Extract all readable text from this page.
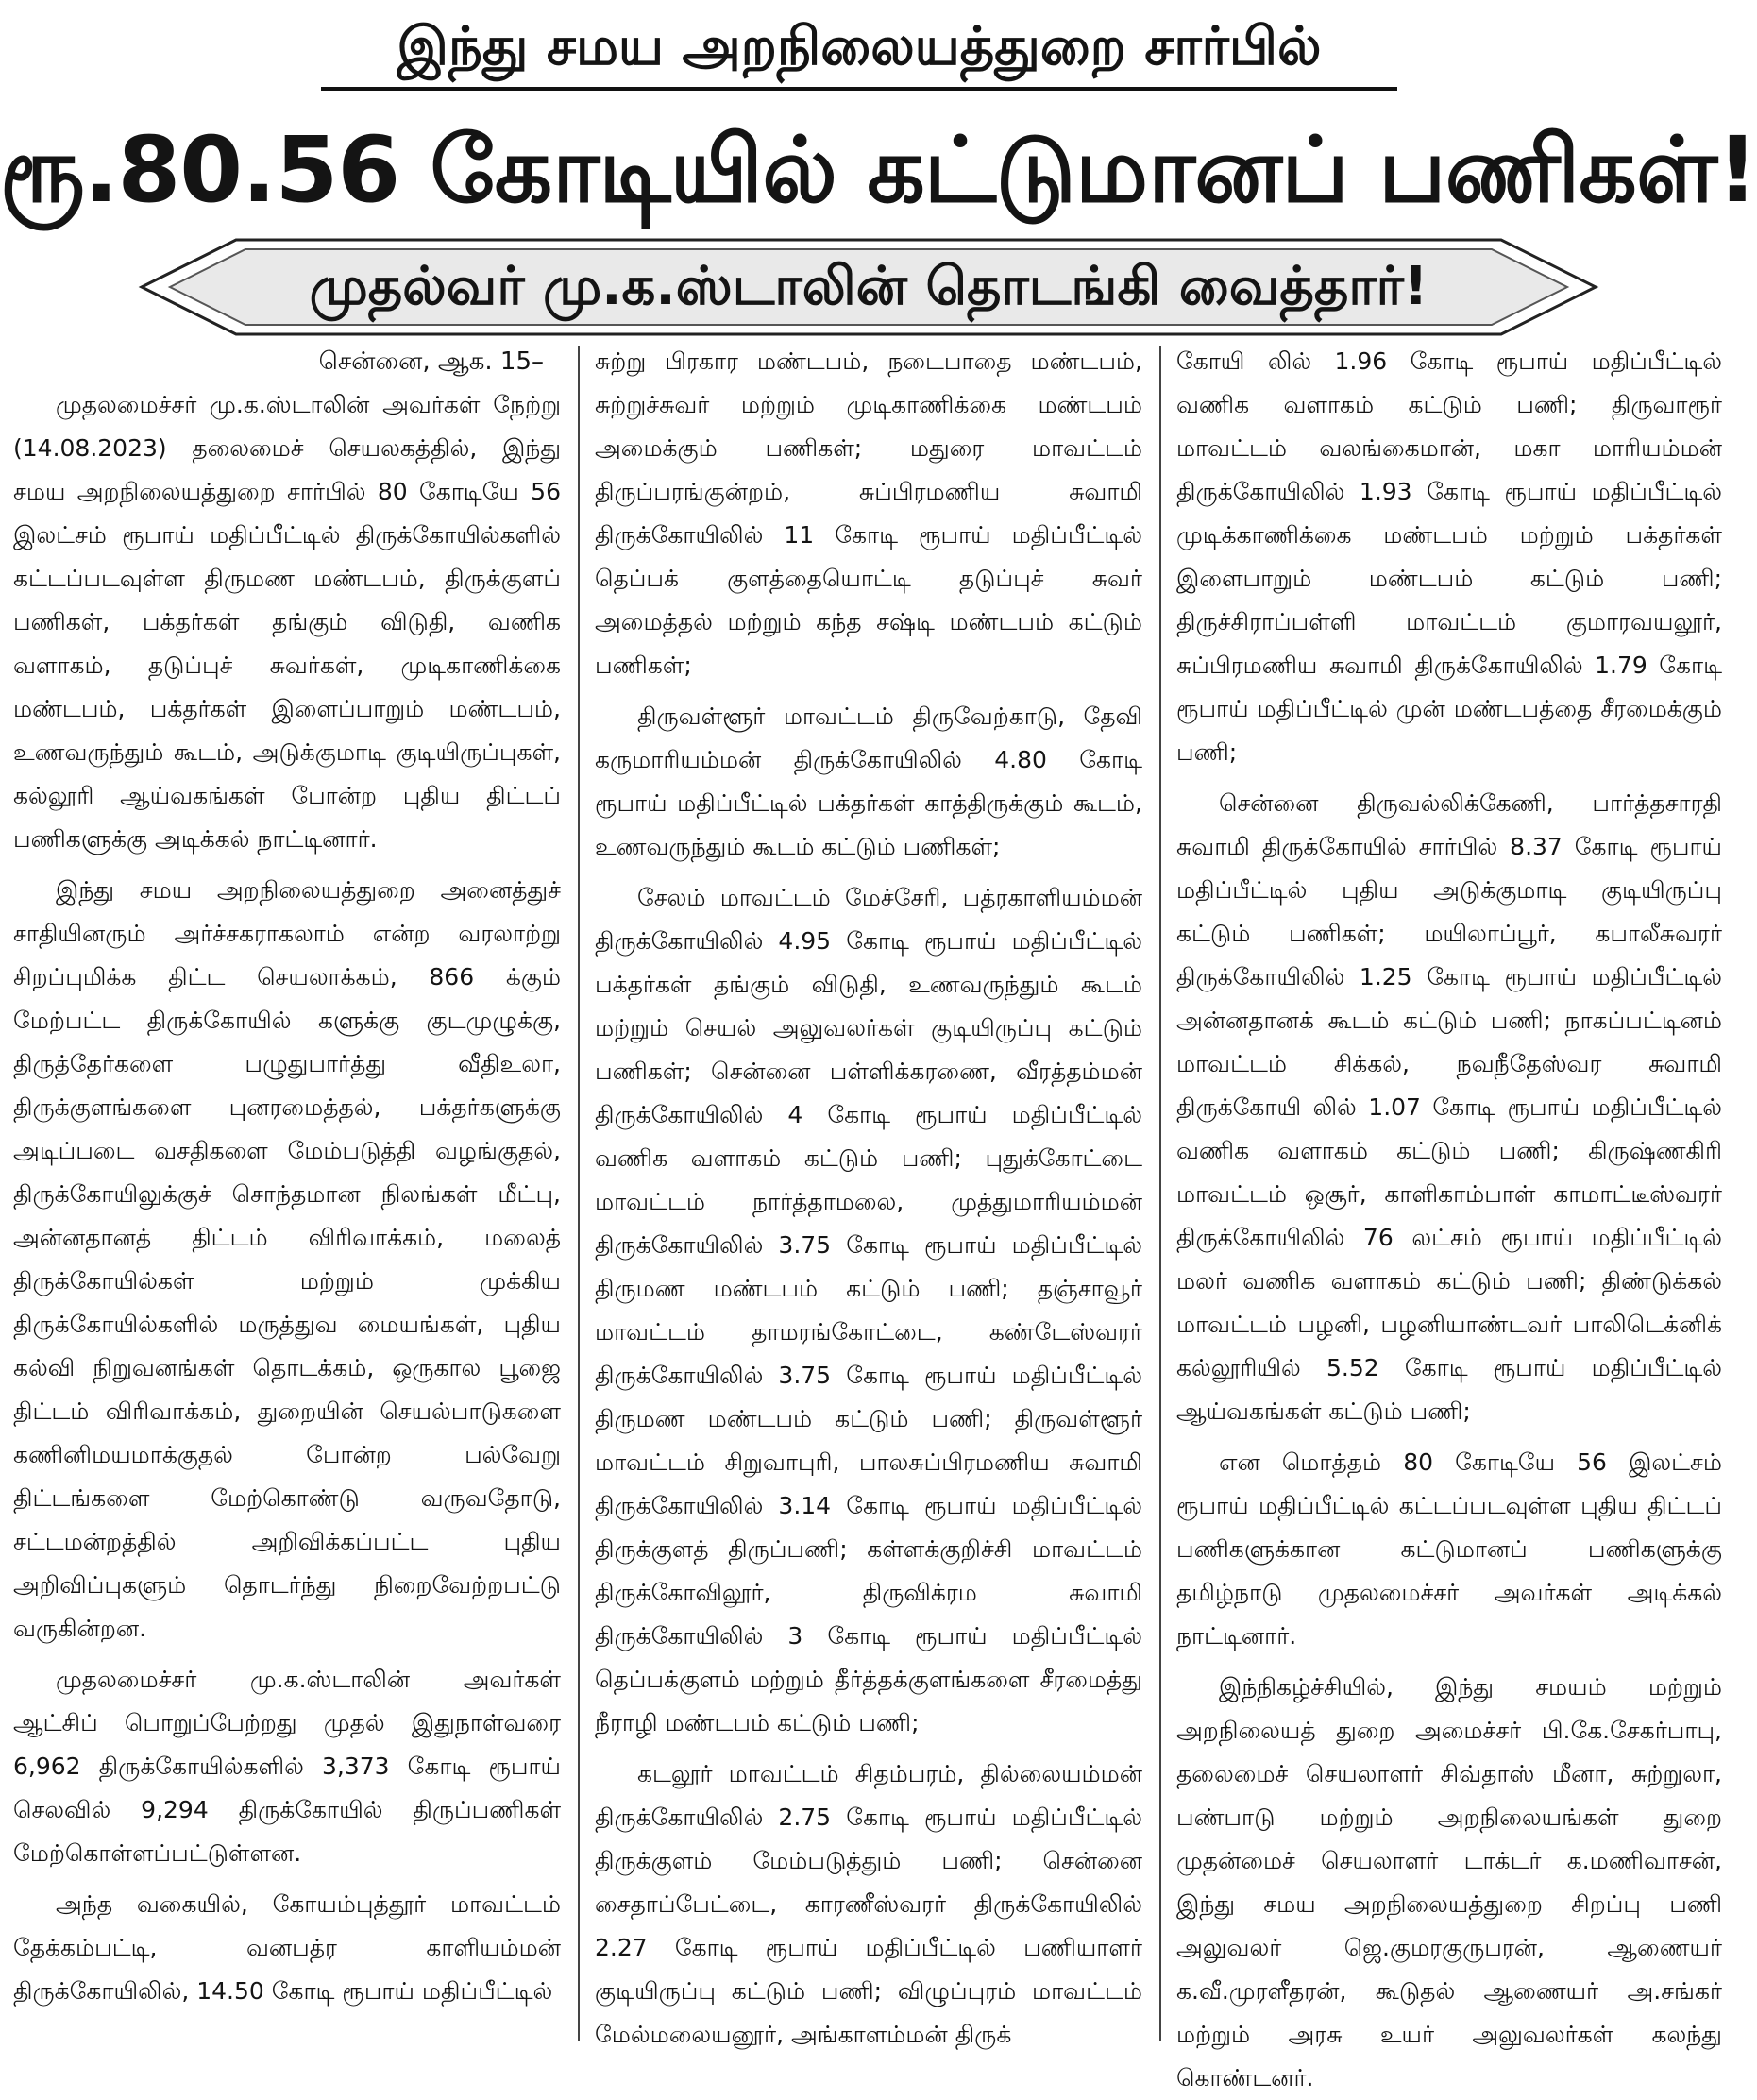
இந்து சமய அறநிலையத்துறை சார்பில்
ரூ.80.56 கோடியில் கட்டுமானப் பணிகள்!
முதல்வர் மு.க.ஸ்டாலின் தொடங்கி வைத்தார்!

சென்னை, ஆக. 15–

முதலமைச்சர் மு.க.ஸ்டாலின் அவர்கள் நேற்று (14.08.2023) தலைமைச் செயலகத்தில், இந்து சமய அறநிலையத்துறை சார்பில் 80 கோடியே 56 இலட்சம் ரூபாய் மதிப்பீட்டில் திருக்கோயில்களில் கட்டப்படவுள்ள திருமண மண்டபம், திருக்குளப் பணிகள், பக்தர்கள் தங்கும் விடுதி, வணிக வளாகம், தடுப்புச் சுவர்கள், முடிகாணிக்கை மண்டபம், பக்தர்கள் இளைப்பாறும் மண்டபம், உணவருந்தும் கூடம், அடுக்குமாடி குடியிருப்புகள், கல்லூரி ஆய்வகங்கள் போன்ற புதிய திட்டப் பணிகளுக்கு அடிக்கல் நாட்டினார்.

இந்து சமய அறநிலையத்துறை அனைத்துச் சாதியினரும் அர்ச்சகராகலாம் என்ற வரலாற்று சிறப்புமிக்க திட்ட செயலாக்கம், 866 க்கும் மேற்பட்ட திருக்கோயில் களுக்கு குடமுழுக்கு, திருத்தேர்களை பழுதுபார்த்து வீதிஉலா, திருக்குளங்களை புனரமைத்தல், பக்தர்களுக்கு அடிப்படை வசதிகளை மேம்படுத்தி வழங்குதல், திருக்கோயிலுக்குச் சொந்தமான நிலங்கள் மீட்பு, அன்னதானத் திட்டம் விரிவாக்கம், மலைத் திருக்கோயில்கள் மற்றும் முக்கிய திருக்கோயில்களில் மருத்துவ மையங்கள், புதிய கல்வி நிறுவனங்கள் தொடக்கம், ஒருகால பூஜை திட்டம் விரிவாக்கம், துறையின் செயல்பாடுகளை கணினிமயமாக்குதல் போன்ற பல்வேறு திட்டங்களை மேற்கொண்டு வருவதோடு, சட்டமன்றத்தில் அறிவிக்கப்பட்ட புதிய அறிவிப்புகளும் தொடர்ந்து நிறைவேற்றபட்டு வருகின்றன.

முதலமைச்சர் மு.க.ஸ்டாலின் அவர்கள் ஆட்சிப் பொறுப்பேற்றது முதல் இதுநாள்வரை 6,962 திருக்கோயில்களில் 3,373 கோடி ரூபாய் செலவில் 9,294 திருக்கோயில் திருப்பணிகள் மேற்கொள்ளப்பட்டுள்ளன.

அந்த வகையில், கோயம்புத்தூர் மாவட்டம் தேக்கம்பட்டி, வனபத்ர காளியம்மன் திருக்கோயிலில், 14.50 கோடி ரூபாய் மதிப்பீட்டில்

சுற்று பிரகார மண்டபம், நடைபாதை மண்டபம், சுற்றுச்சுவர் மற்றும் முடிகாணிக்கை மண்டபம் அமைக்கும் பணிகள்; மதுரை மாவட்டம் திருப்பரங்குன்றம், சுப்பிரமணிய சுவாமி திருக்கோயிலில் 11 கோடி ரூபாய் மதிப்பீட்டில் தெப்பக் குளத்தையொட்டி தடுப்புச் சுவர் அமைத்தல் மற்றும் கந்த சஷ்டி மண்டபம் கட்டும் பணிகள்;

திருவள்ளூர் மாவட்டம் திருவேற்காடு, தேவி கருமாரியம்மன் திருக்கோயிலில் 4.80 கோடி ரூபாய் மதிப்பீட்டில் பக்தர்கள் காத்திருக்கும் கூடம், உணவருந்தும் கூடம் கட்டும் பணிகள்;

சேலம் மாவட்டம் மேச்சேரி, பத்ரகாளியம்மன் திருக்கோயிலில் 4.95 கோடி ரூபாய் மதிப்பீட்டில் பக்தர்கள் தங்கும் விடுதி, உணவருந்தும் கூடம் மற்றும் செயல் அலுவலர்கள் குடியிருப்பு கட்டும் பணிகள்; சென்னை பள்ளிக்கரணை, வீரத்தம்மன் திருக்கோயிலில் 4 கோடி ரூபாய் மதிப்பீட்டில் வணிக வளாகம் கட்டும் பணி; புதுக்கோட்டை மாவட்டம் நார்த்தாமலை, முத்துமாரியம்மன் திருக்கோயிலில் 3.75 கோடி ரூபாய் மதிப்பீட்டில் திருமண மண்டபம் கட்டும் பணி; தஞ்சாவூர் மாவட்டம் தாமரங்கோட்டை, கண்டேஸ்வரர் திருக்கோயிலில் 3.75 கோடி ரூபாய் மதிப்பீட்டில் திருமண மண்டபம் கட்டும் பணி; திருவள்ளூர் மாவட்டம் சிறுவாபுரி, பாலசுப்பிரமணிய சுவாமி திருக்கோயிலில் 3.14 கோடி ரூபாய் மதிப்பீட்டில் திருக்குளத் திருப்பணி; கள்ளக்குறிச்சி மாவட்டம் திருக்கோவிலூர், திருவிக்ரம சுவாமி திருக்கோயிலில் 3 கோடி ரூபாய் மதிப்பீட்டில் தெப்பக்குளம் மற்றும் தீர்த்தக்குளங்களை சீரமைத்து நீராழி மண்டபம் கட்டும் பணி;

கடலூர் மாவட்டம் சிதம்பரம், தில்லையம்மன் திருக்கோயிலில் 2.75 கோடி ரூபாய் மதிப்பீட்டில் திருக்குளம் மேம்படுத்தும் பணி; சென்னை சைதாப்பேட்டை, காரணீஸ்வரர் திருக்கோயிலில் 2.27 கோடி ரூபாய் மதிப்பீட்டில் பணியாளர் குடியிருப்பு கட்டும் பணி; விழுப்புரம் மாவட்டம் மேல்மலையனூர், அங்காளம்மன் திருக்

கோயி லில் 1.96 கோடி ரூபாய் மதிப்பீட்டில் வணிக வளாகம் கட்டும் பணி; திருவாரூர் மாவட்டம் வலங்கைமான், மகா மாரியம்மன் திருக்கோயிலில் 1.93 கோடி ரூபாய் மதிப்பீட்டில் முடிக்காணிக்கை மண்டபம் மற்றும் பக்தர்கள் இளைபாறும் மண்டபம் கட்டும் பணி; திருச்சிராப்பள்ளி மாவட்டம் குமாரவயலூர், சுப்பிரமணிய சுவாமி திருக்கோயிலில் 1.79 கோடி ரூபாய் மதிப்பீட்டில் முன் மண்டபத்தை சீரமைக்கும் பணி;

சென்னை திருவல்லிக்கேணி, பார்த்தசாரதி சுவாமி திருக்கோயில் சார்பில் 8.37 கோடி ரூபாய் மதிப்பீட்டில் புதிய அடுக்குமாடி குடியிருப்பு கட்டும் பணிகள்; மயிலாப்பூர், கபாலீசுவரர் திருக்கோயிலில் 1.25 கோடி ரூபாய் மதிப்பீட்டில் அன்னதானக் கூடம் கட்டும் பணி; நாகப்பட்டினம் மாவட்டம் சிக்கல், நவநீதேஸ்வர சுவாமி திருக்கோயி லில் 1.07 கோடி ரூபாய் மதிப்பீட்டில் வணிக வளாகம் கட்டும் பணி; கிருஷ்ணகிரி மாவட்டம் ஒசூர், காளிகாம்பாள் காமாட்டீஸ்வரர் திருக்கோயிலில் 76 லட்சம் ரூபாய் மதிப்பீட்டில் மலர் வணிக வளாகம் கட்டும் பணி; திண்டுக்கல் மாவட்டம் பழனி, பழனியாண்டவர் பாலிடெக்னிக் கல்லூரியில் 5.52 கோடி ரூபாய் மதிப்பீட்டில் ஆய்வகங்கள் கட்டும் பணி;

என மொத்தம் 80 கோடியே 56 இலட்சம் ரூபாய் மதிப்பீட்டில் கட்டப்படவுள்ள புதிய திட்டப் பணிகளுக்கான கட்டுமானப் பணிகளுக்கு தமிழ்நாடு முதலமைச்சர் அவர்கள் அடிக்கல் நாட்டினார்.

இந்நிகழ்ச்சியில், இந்து சமயம் மற்றும் அறநிலையத் துறை அமைச்சர் பி.கே.சேகர்பாபு, தலைமைச் செயலாளர் சிவ்தாஸ் மீனா, சுற்றுலா, பண்பாடு மற்றும் அறநிலையங்கள் துறை முதன்மைச் செயலாளர் டாக்டர் க.மணிவாசன், இந்து சமய அறநிலையத்துறை சிறப்பு பணி அலுவலர் ஜெ.குமரகுருபரன், ஆணையர் க.வீ.முரளீதரன், கூடுதல் ஆணையர் அ.சங்கர் மற்றும் அரசு உயர் அலுவலர்கள் கலந்து கொண்டனர்.
